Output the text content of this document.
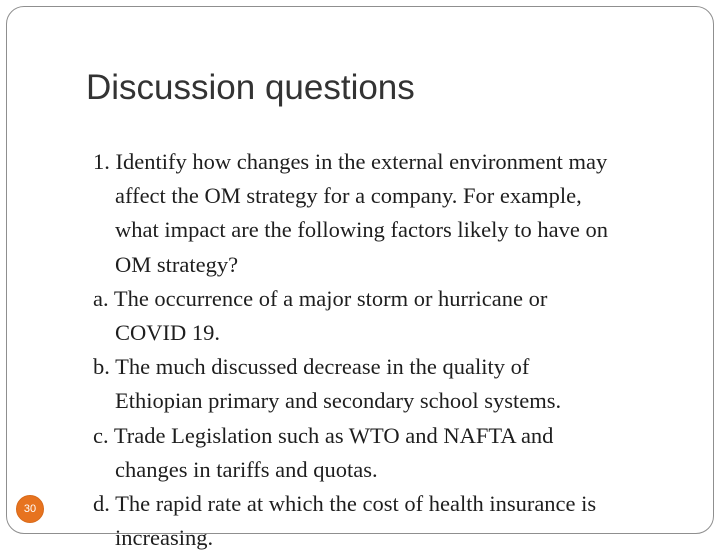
Discussion questions
1. Identify how changes in the external environment may
affect the OM strategy for a company. For example,
what impact are the following factors likely to have on
OM strategy?
a. The occurrence of a major storm or hurricane or
COVID 19.
b. The much discussed decrease in the quality of
Ethiopian primary and secondary school systems.
c. Trade Legislation such as WTO and NAFTA and
changes in tariffs and quotas.
d. The rapid rate at which the cost of health insurance is
increasing.
30
